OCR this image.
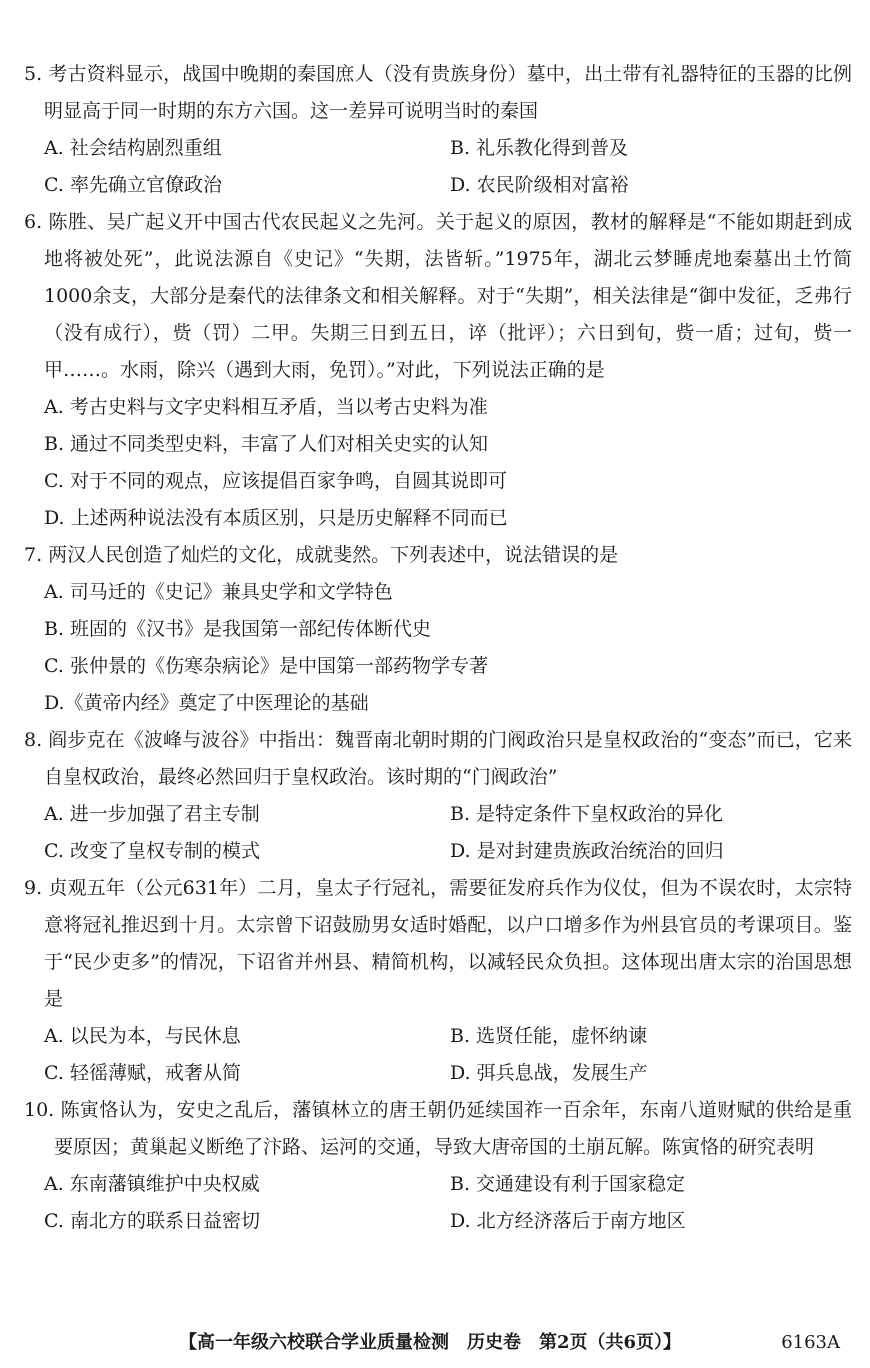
5. 考古资料显示，战国中晚期的秦国庶人（没有贵族身份）墓中，出土带有礼器特征的玉器的比例明显高于同一时期的东方六国。这一差异可说明当时的秦国
A. 社会结构剧烈重组	B. 礼乐教化得到普及
C. 率先确立官僚政治	D. 农民阶级相对富裕
6. 陈胜、吴广起义开中国古代农民起义之先河。关于起义的原因，教材的解释是“不能如期赶到成地将被处死”，此说法源自《史记》“失期，法皆斩。”1975年，湖北云梦睡虎地秦墓出土竹简1000余支，大部分是秦代的法律条文和相关解释。对于“失期”，相关法律是“御中发征，乏弗行（没有成行），赀（罚）二甲。失期三日到五日，谇（批评）；六日到旬，赀一盾；过旬，赀一甲……。水雨，除兴（遇到大雨，免罚）。”对此，下列说法正确的是
A. 考古史料与文字史料相互矛盾，当以考古史料为准
B. 通过不同类型史料，丰富了人们对相关史实的认知
C. 对于不同的观点，应该提倡百家争鸣，自圆其说即可
D. 上述两种说法没有本质区别，只是历史解释不同而已
7. 两汉人民创造了灿烂的文化，成就斐然。下列表述中，说法错误的是
A. 司马迁的《史记》兼具史学和文学特色
B. 班固的《汉书》是我国第一部纪传体断代史
C. 张仲景的《伤寒杂病论》是中国第一部药物学专著
D.《黄帝内经》奠定了中医理论的基础
8. 阎步克在《波峰与波谷》中指出：魏晋南北朝时期的门阀政治只是皇权政治的“变态”而已，它来自皇权政治，最终必然回归于皇权政治。该时期的“门阀政治”
A. 进一步加强了君主专制	B. 是特定条件下皇权政治的异化
C. 改变了皇权专制的模式	D. 是对封建贵族政治统治的回归
9. 贞观五年（公元631年）二月，皇太子行冠礼，需要征发府兵作为仪仗，但为不误农时，太宗特意将冠礼推迟到十月。太宗曾下诏鼓励男女适时婚配，以户口增多作为州县官员的考课项目。鉴于“民少吏多”的情况，下诏省并州县、精简机构，以减轻民众负担。这体现出唐太宗的治国思想是
A. 以民为本，与民休息	B. 选贤任能，虚怀纳谏
C. 轻徭薄赋，戒奢从简	D. 弭兵息战，发展生产
10. 陈寅恪认为，安史之乱后，藩镇林立的唐王朝仍延续国祚一百余年，东南八道财赋的供给是重要原因；黄巢起义断绝了汴路、运河的交通，导致大唐帝国的土崩瓦解。陈寅恪的研究表明
A. 东南藩镇维护中央权威	B. 交通建设有利于国家稳定
C. 南北方的联系日益密切	D. 北方经济落后于南方地区
【高一年级六校联合学业质量检测　历史卷　第2页（共6页）】	6163A
